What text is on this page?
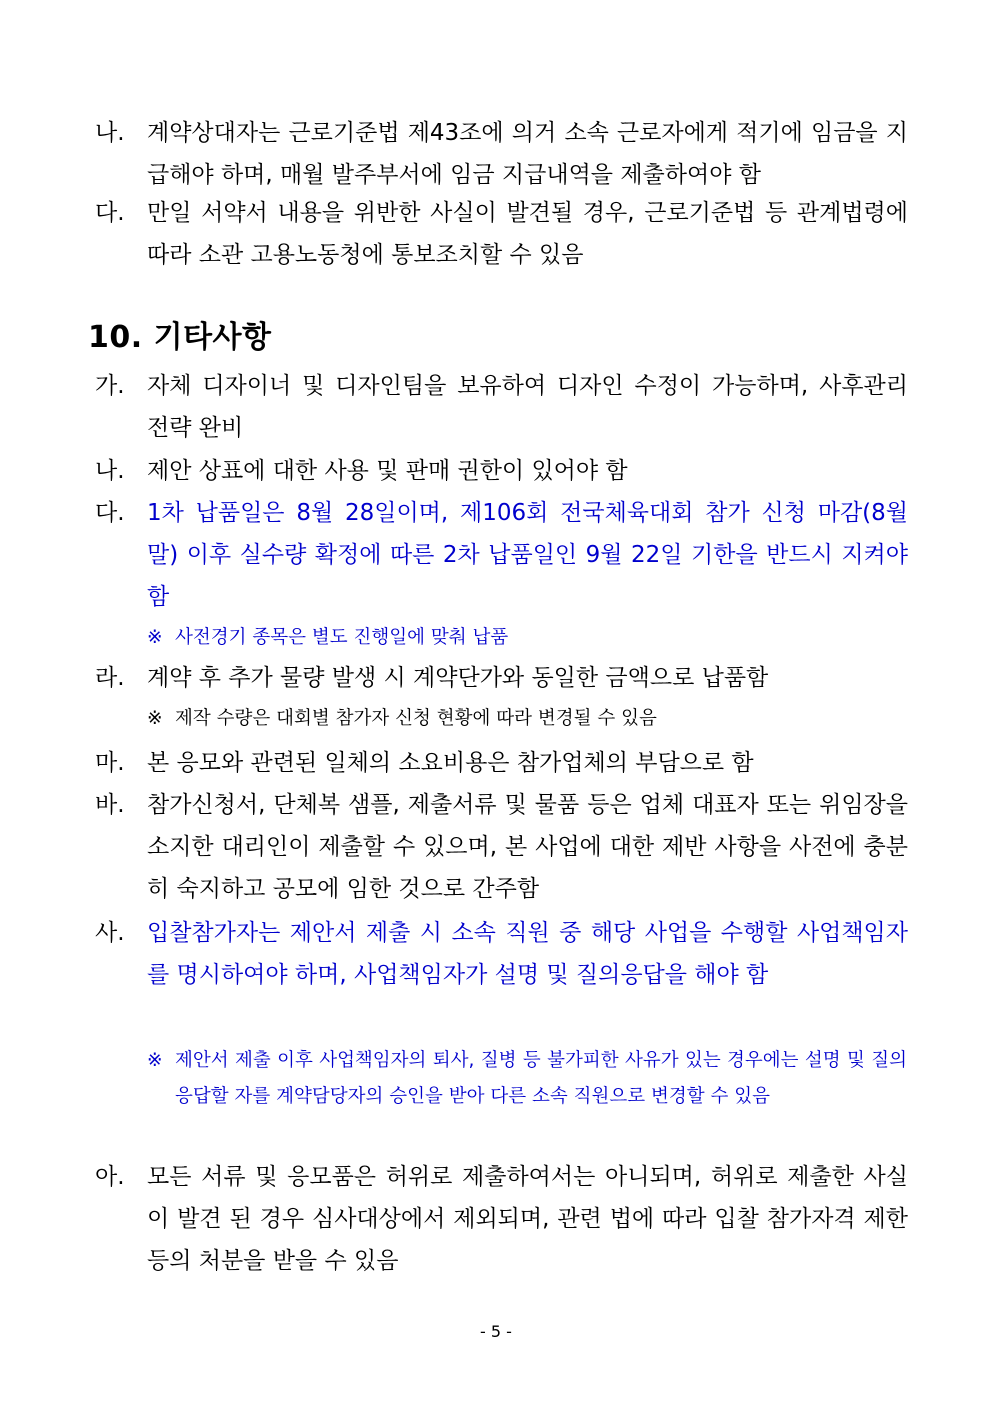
나. 계약상대자는 근로기준법 제43조에 의거 소속 근로자에게 적기에 임금을 지급해야 하며, 매월 발주부서에 임금 지급내역을 제출하여야 함
다. 만일 서약서 내용을 위반한 사실이 발견될 경우, 근로기준법 등 관계법령에 따라 소관 고용노동청에 통보조치할 수 있음
10. 기타사항
가. 자체 디자이너 및 디자인팀을 보유하여 디자인 수정이 가능하며, 사후관리 전략 완비
나. 제안 상표에 대한 사용 및 판매 권한이 있어야 함
다. 1차 납품일은 8월 28일이며, 제106회 전국체육대회 참가 신청 마감(8월 말) 이후 실수량 확정에 따른 2차 납품일인 9월 22일 기한을 반드시 지켜야 함
※ 사전경기 종목은 별도 진행일에 맞춰 납품
라. 계약 후 추가 물량 발생 시 계약단가와 동일한 금액으로 납품함
※ 제작 수량은 대회별 참가자 신청 현황에 따라 변경될 수 있음
마. 본 응모와 관련된 일체의 소요비용은 참가업체의 부담으로 함
바. 참가신청서, 단체복 샘플, 제출서류 및 물품 등은 업체 대표자 또는 위임장을 소지한 대리인이 제출할 수 있으며, 본 사업에 대한 제반 사항을 사전에 충분히 숙지하고 공모에 임한 것으로 간주함
사. 입찰참가자는 제안서 제출 시 소속 직원 중 해당 사업을 수행할 사업책임자를 명시하여야 하며, 사업책임자가 설명 및 질의응답을 해야 함
※ 제안서 제출 이후 사업책임자의 퇴사, 질병 등 불가피한 사유가 있는 경우에는 설명 및 질의응답할 자를 계약담당자의 승인을 받아 다른 소속 직원으로 변경할 수 있음
아. 모든 서류 및 응모품은 허위로 제출하여서는 아니되며, 허위로 제출한 사실이 발견 된 경우 심사대상에서 제외되며, 관련 법에 따라 입찰 참가자격 제한 등의 처분을 받을 수 있음
- 5 -
